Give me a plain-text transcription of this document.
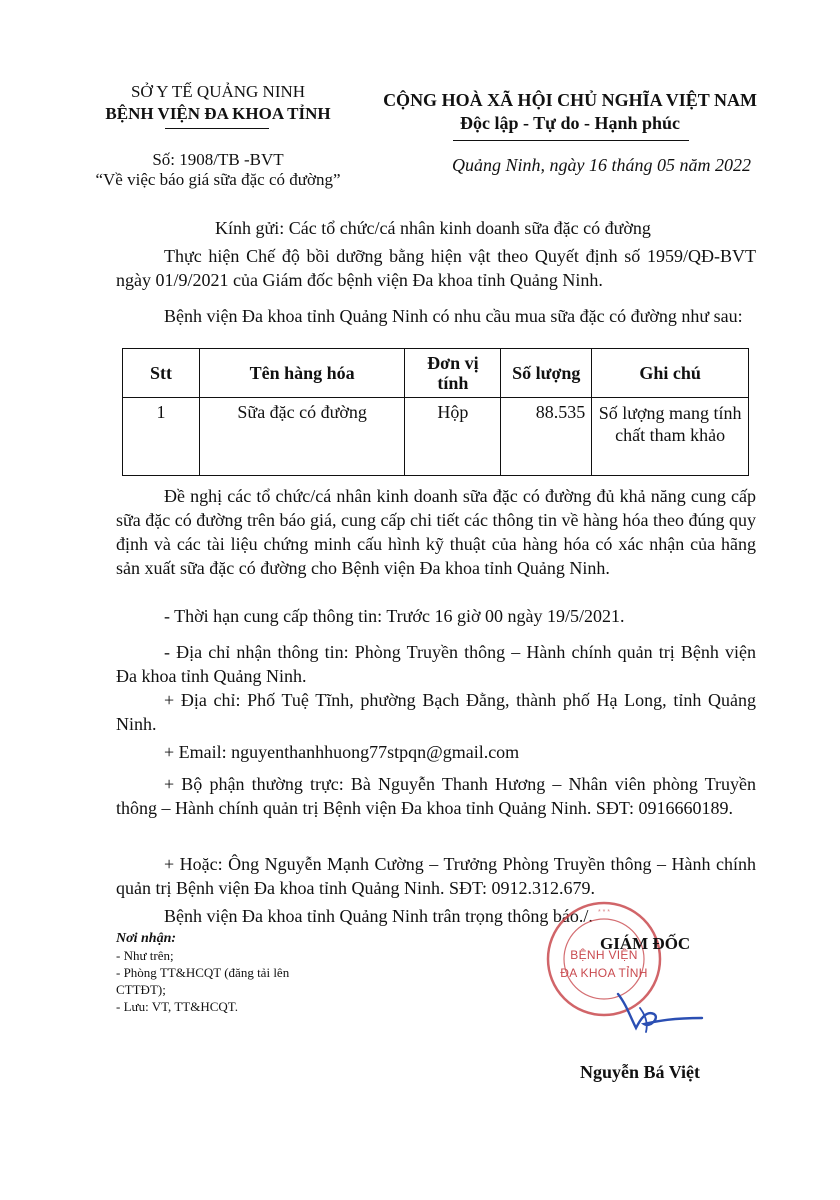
SỞ Y TẾ QUẢNG NINH
BỆNH VIỆN ĐA KHOA TỈNH
Số: 1908/TB -BVT
“Về việc báo giá sữa đặc có đường”
CỘNG HOÀ XÃ HỘI CHỦ NGHĨA VIỆT NAM
Độc lập - Tự do - Hạnh phúc
Quảng Ninh, ngày 16 tháng 05 năm 2022
Kính gửi: Các tổ chức/cá nhân kinh doanh sữa đặc có đường
Thực hiện Chế độ bồi dưỡng bằng hiện vật theo Quyết định số 1959/QĐ-BVT ngày 01/9/2021 của Giám đốc bệnh viện Đa khoa tỉnh Quảng Ninh.
Bệnh viện Đa khoa tỉnh Quảng Ninh có nhu cầu mua sữa đặc có đường như sau:
Stt	Tên hàng hóa	Đơn vị tính	Số lượng	Ghi chú
1	Sữa đặc có đường	Hộp	88.535	Số lượng mang tính chất tham khảo
Đề nghị các tổ chức/cá nhân kinh doanh sữa đặc có đường đủ khả năng cung cấp sữa đặc có đường trên báo giá, cung cấp chi tiết các thông tin về hàng hóa theo đúng quy định và các tài liệu chứng minh cấu hình kỹ thuật của hàng hóa có xác nhận của hãng sản xuất sữa đặc có đường cho Bệnh viện Đa khoa tỉnh Quảng Ninh.
- Thời hạn cung cấp thông tin: Trước 16 giờ 00 ngày 19/5/2021.
- Địa chỉ nhận thông tin: Phòng Truyền thông – Hành chính quản trị Bệnh viện Đa khoa tỉnh Quảng Ninh.
+ Địa chỉ: Phố Tuệ Tĩnh, phường Bạch Đằng, thành phố Hạ Long, tỉnh Quảng Ninh.
+ Email: nguyenthanhhuong77stpqn@gmail.com
+ Bộ phận thường trực: Bà Nguyễn Thanh Hương – Nhân viên phòng Truyền thông – Hành chính quản trị Bệnh viện Đa khoa tỉnh Quảng Ninh. SĐT: 0916660189.
+ Hoặc: Ông Nguyễn Mạnh Cường – Trưởng Phòng Truyền thông – Hành chính quản trị Bệnh viện Đa khoa tỉnh Quảng Ninh. SĐT: 0912.312.679.
Bệnh viện Đa khoa tỉnh Quảng Ninh trân trọng thông báo./.
Nơi nhận:
- Như trên;
- Phòng TT&HCQT (đăng tải lên CTTĐT);
- Lưu: VT, TT&HCQT.
* * *
BỆNH VIỆN
ĐA KHOA TỈNH
GIÁM ĐỐC
Nguyễn Bá Việt
